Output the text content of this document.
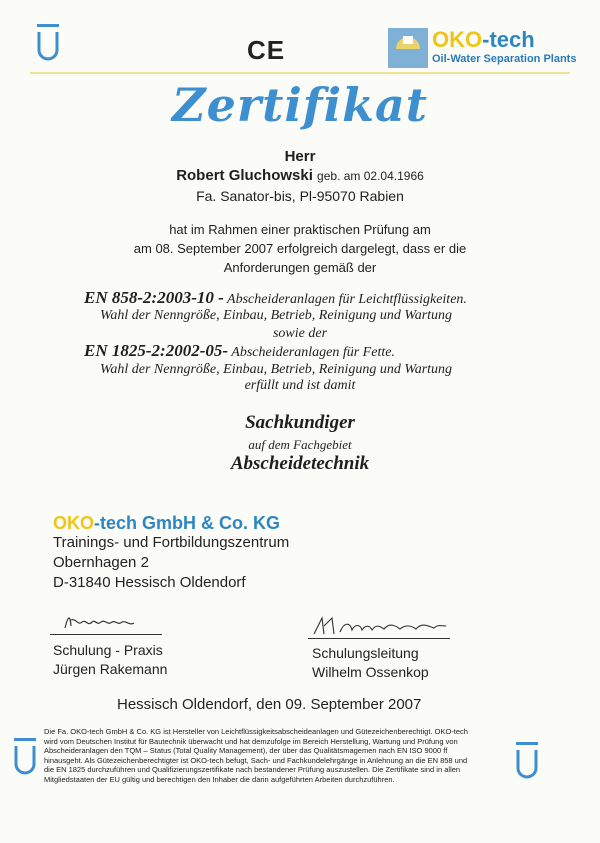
CE	OKO-tech
Oil-Water Separation Plants
Zertifikat
Herr
Robert Gluchowski geb. am 02.04.1966
Fa. Sanator-bis, Pl-95070 Rabien
hat im Rahmen einer praktischen Prüfung am
am 08. September 2007 erfolgreich dargelegt, dass er die
Anforderungen gemäß der
EN 858-2:2003-10 - Abscheideranlagen für Leichtflüssigkeiten.
Wahl der Nenngröße, Einbau, Betrieb, Reinigung und Wartung
sowie der
EN 1825-2:2002-05- Abscheideranlagen für Fette.
Wahl der Nenngröße, Einbau, Betrieb, Reinigung und Wartung
erfüllt und ist damit
Sachkundiger
auf dem Fachgebiet
Abscheidetechnik
OKO-tech GmbH & Co. KG
Trainings- und Fortbildungszentrum
Obernhagen 2
D-31840 Hessisch Oldendorf
Schulung - Praxis
Jürgen Rakemann
Schulungsleitung
Wilhelm Ossenkop
Hessisch Oldendorf, den 09. September 2007
Die Fa. OKO-tech GmbH & Co. KG ist Hersteller von Leichtflüssigkeitsabscheideanlagen und Gütezeichenberechtigt. OKO-tech
wird vom Deutschen Institut für Bautechnik überwacht und hat demzufolge im Bereich Herstellung, Wartung und Prüfung von
Abscheideranlagen den TQM – Status (Total Quality Management), der über das Qualitätsmagemen nach EN ISO 9000 ff
hinausgeht. Als Gütezeichenberechtigter ist OKO-tech befugt, Sach- und Fachkundelehrgänge in Anlehnung an die EN 858 und
die EN 1825 durchzuführen und Qualifizierungszertifikate nach bestandener Prüfung auszustellen. Die Zertifikate sind in allen
Mitgliedstaaten der EU gültig und berechtigen den Inhaber die darin aufgeführten Arbeiten durchzuführen.
